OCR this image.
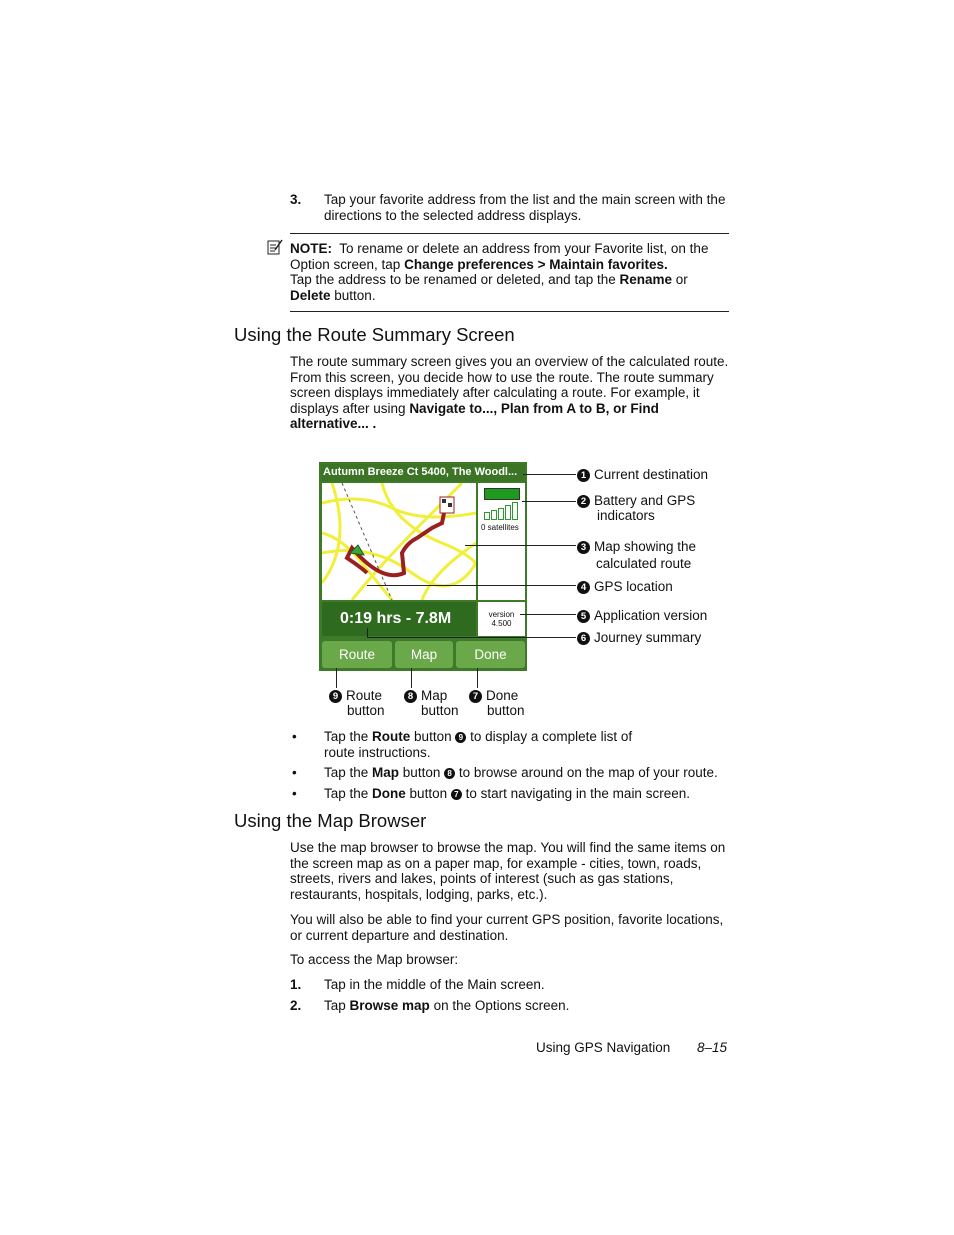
3. Tap your favorite address from the list and the main screen with the
directions to the selected address displays.
NOTE: To rename or delete an address from your Favorite list, on the
Option screen, tap Change preferences > Maintain favorites.
Tap the address to be renamed or deleted, and tap the Rename or
Delete button.
Using the Route Summary Screen
The route summary screen gives you an overview of the calculated route.
From this screen, you decide how to use the route. The route summary
screen displays immediately after calculating a route. For example, it
displays after using Navigate to..., Plan from A to B, or Find
alternative... .
Autumn Breeze Ct 5400, The Woodl...
0 satellites
version
4.500
0:19 hrs - 7.8M
Route	Map	Done
1 Current destination
2 Battery and GPS
indicators
3 Map showing the
calculated route
4 GPS location
5 Application version
6 Journey summary
9 Route
button
8 Map
button
7 Done
button
• Tap the Route button 9 to display a complete list of
route instructions.
• Tap the Map button 8 to browse around on the map of your route.
• Tap the Done button 7 to start navigating in the main screen.
Using the Map Browser
Use the map browser to browse the map. You will find the same items on
the screen map as on a paper map, for example - cities, town, roads,
streets, rivers and lakes, points of interest (such as gas stations,
restaurants, hospitals, lodging, parks, etc.).
You will also be able to find your current GPS position, favorite locations,
or current departure and destination.
To access the Map browser:
1. Tap in the middle of the Main screen.
2. Tap Browse map on the Options screen.
Using GPS Navigation 8–15
